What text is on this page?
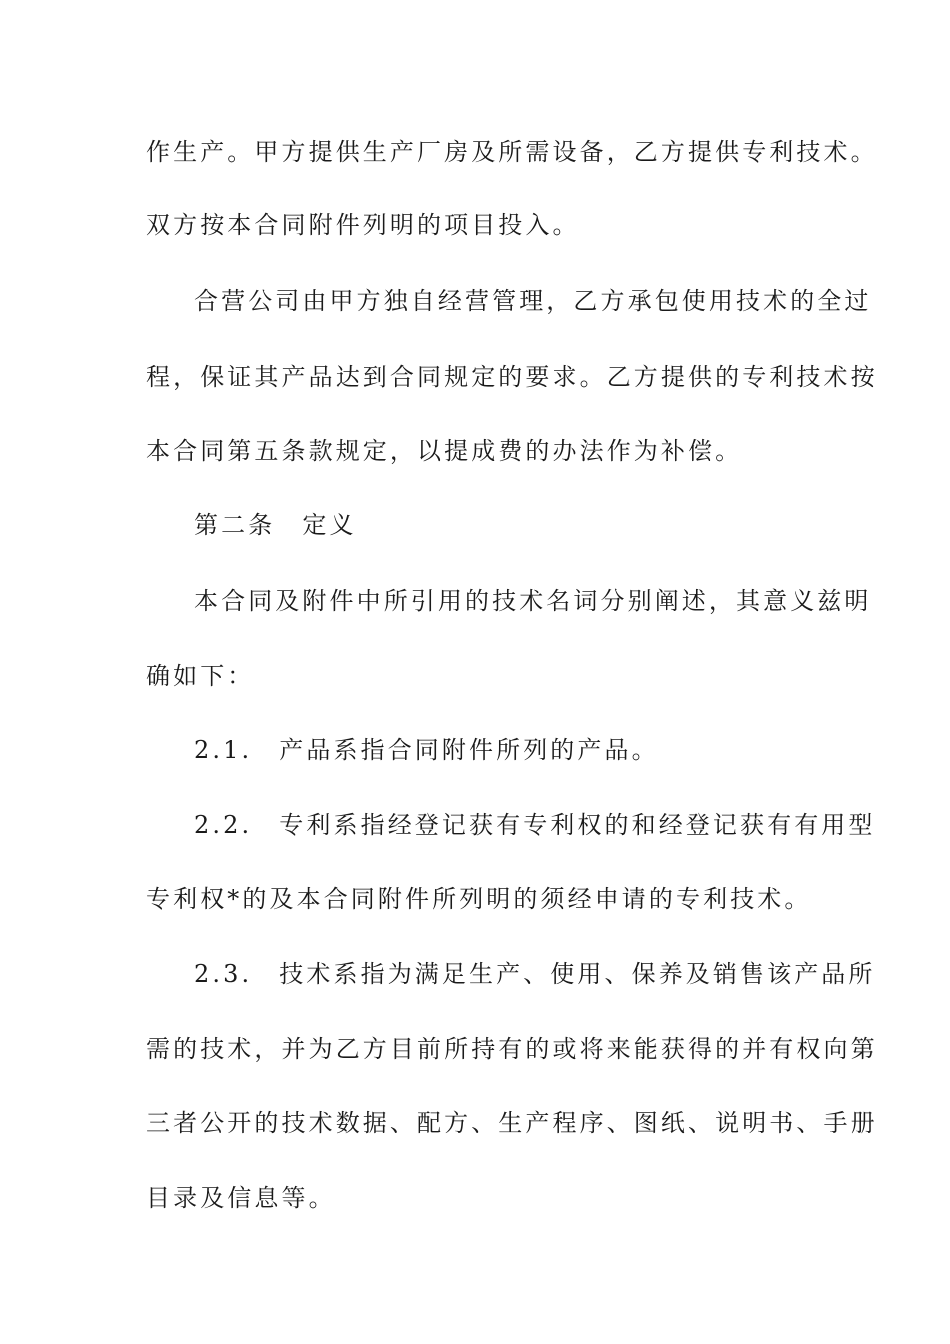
作生产。甲方提供生产厂房及所需设备，乙方提供专利技术。
双方按本合同附件列明的项目投入。
合营公司由甲方独自经营管理，乙方承包使用技术的全过
程，保证其产品达到合同规定的要求。乙方提供的专利技术按
本合同第五条款规定，以提成费的办法作为补偿。
第二条　定义
本合同及附件中所引用的技术名词分别阐述，其意义兹明
确如下：
2.1.　产品系指合同附件所列的产品。
2.2.　专利系指经登记获有专利权的和经登记获有有用型
专利权*的及本合同附件所列明的须经申请的专利技术。
2.3.　技术系指为满足生产、使用、保养及销售该产品所
需的技术，并为乙方目前所持有的或将来能获得的并有权向第
三者公开的技术数据、配方、生产程序、图纸、说明书、手册
目录及信息等。
